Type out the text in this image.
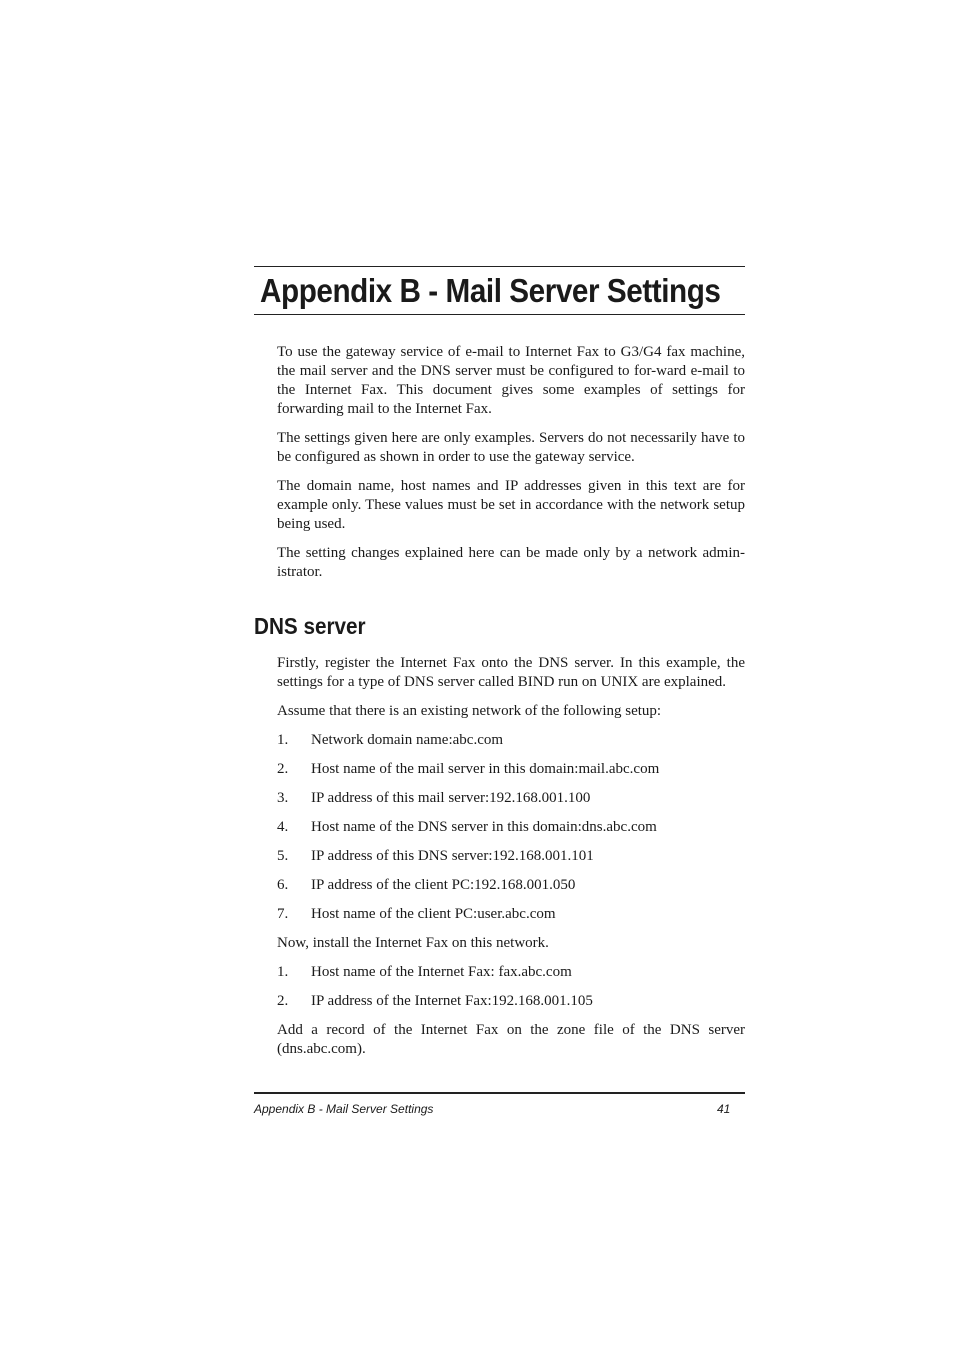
Appendix B - Mail Server Settings

To use the gateway service of e-mail to Internet Fax to G3/G4 fax machine, the mail server and the DNS server must be configured to for-ward e-mail to the Internet Fax. This document gives some examples of settings for forwarding mail to the Internet Fax.

The settings given here are only examples. Servers do not necessarily have to be configured as shown in order to use the gateway service.

The domain name, host names and IP addresses given in this text are for example only. These values must be set in accordance with the network setup being used.

The setting changes explained here can be made only by a network admin-istrator.

DNS server

Firstly, register the Internet Fax onto the DNS server. In this example, the settings for a type of DNS server called BIND run on UNIX are explained.

Assume that there is an existing network of the following setup:

1.	Network domain name:abc.com
2.	Host name of the mail server in this domain:mail.abc.com
3.	IP address of this mail server:192.168.001.100
4.	Host name of the DNS server in this domain:dns.abc.com
5.	IP address of this DNS server:192.168.001.101
6.	IP address of the client PC:192.168.001.050
7.	Host name of the client PC:user.abc.com

Now, install the Internet Fax on this network.

1.	Host name of the Internet Fax: fax.abc.com
2.	IP address of the Internet Fax:192.168.001.105

Add a record of the Internet Fax on the zone file of the DNS server (dns.abc.com).

Appendix B - Mail Server Settings	41
